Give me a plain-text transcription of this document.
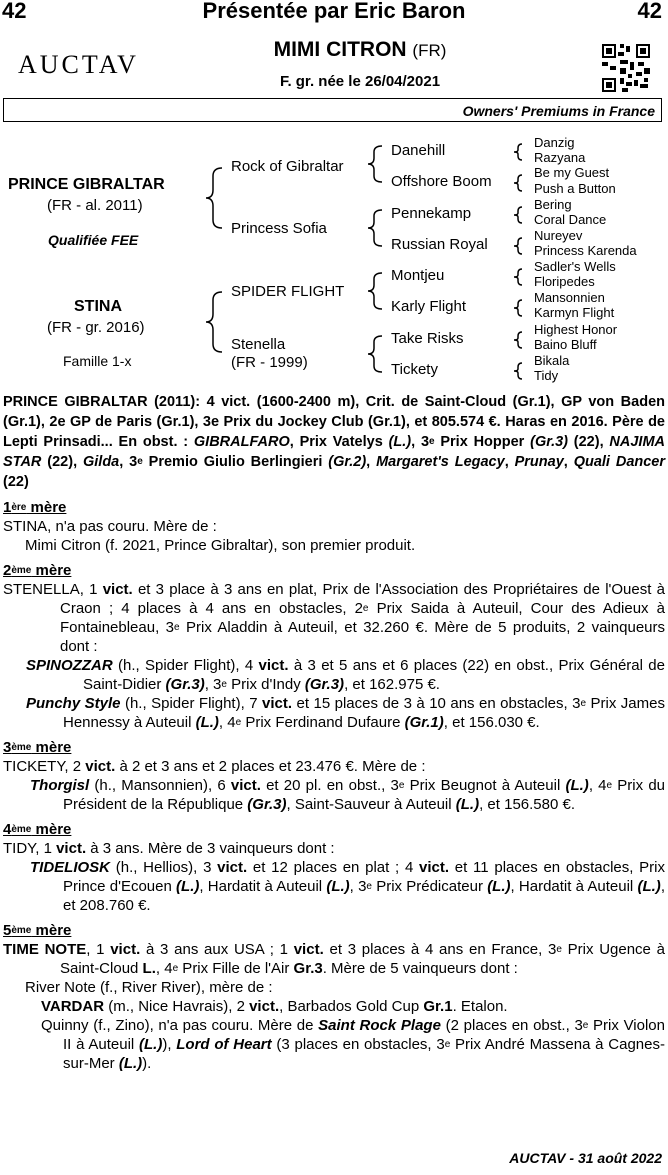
42	Présentée par Eric Baron	42
AUCTAV
MIMI CITRON (FR)
F. gr. née le 26/04/2021
Owners' Premiums in France
PRINCE GIBRALTAR
(FR - al. 2011)
Qualifiée FEE
STINA
(FR - gr. 2016)
Famille 1-x
Rock of Gibraltar
Princess Sofia
SPIDER FLIGHT
Stenella
(FR - 1999)
Danehill
Offshore Boom
Pennekamp
Russian Royal
Montjeu
Karly Flight
Take Risks
Tickety
Danzig
Razyana
Be my Guest
Push a Button
Bering
Coral Dance
Nureyev
Princess Karenda
Sadler's Wells
Floripedes
Mansonnien
Karmyn Flight
Highest Honor
Baino Bluff
Bikala
Tidy

PRINCE GIBRALTAR (2011): 4 vict. (1600-2400 m), Crit. de Saint-Cloud (Gr.1), GP von Baden (Gr.1), 2e GP de Paris (Gr.1), 3e Prix du Jockey Club (Gr.1), et 805.574 €. Haras en 2016. Père de Lepti Prinsadi... En obst. : GIBRALFARO, Prix Vatelys (L.), 3e Prix Hopper (Gr.3) (22), NAJIMA STAR (22), Gilda, 3e Premio Giulio Berlingieri (Gr.2), Margaret's Legacy, Prunay, Quali Dancer (22)

1ère mère

STINA, n'a pas couru. Mère de :

Mimi Citron (f. 2021, Prince Gibraltar), son premier produit.

2ème mère

STENELLA, 1 vict. et 3 place à 3 ans en plat, Prix de l'Association des Propriétaires de l'Ouest à Craon ; 4 places à 4 ans en obstacles, 2e Prix Saida à Auteuil, Cour des Adieux à Fontainebleau, 3e Prix Aladdin à Auteuil, et 32.260 €. Mère de 5 produits, 2 vainqueurs dont :

SPINOZZAR (h., Spider Flight), 4 vict. à 3 et 5 ans et 6 places (22) en obst., Prix Général de Saint-Didier (Gr.3), 3e Prix d'Indy (Gr.3), et 162.975 €.

Punchy Style (h., Spider Flight), 7 vict. et 15 places de 3 à 10 ans en obstacles, 3e Prix James Hennessy à Auteuil (L.), 4e Prix Ferdinand Dufaure (Gr.1), et 156.030 €.

3ème mère

TICKETY, 2 vict. à 2 et 3 ans et 2 places et 23.476 €. Mère de :

Thorgisl (h., Mansonnien), 6 vict. et 20 pl. en obst., 3e Prix Beugnot à Auteuil (L.), 4e Prix du Président de la République (Gr.3), Saint-Sauveur à Auteuil (L.), et 156.580 €.

4ème mère

TIDY, 1 vict. à 3 ans. Mère de 3 vainqueurs dont :

TIDELIOSK (h., Hellios), 3 vict. et 12 places en plat ; 4 vict. et 11 places en obstacles, Prix Prince d'Ecouen (L.), Hardatit à Auteuil (L.), 3e Prix Prédicateur (L.), Hardatit à Auteuil (L.), et 208.760 €.

5ème mère

TIME NOTE, 1 vict. à 3 ans aux USA ; 1 vict. et 3 places à 4 ans en France, 3e Prix Ugence à Saint-Cloud L., 4e Prix Fille de l'Air Gr.3. Mère de 5 vainqueurs dont :

River Note (f., River River), mère de :

VARDAR (m., Nice Havrais), 2 vict., Barbados Gold Cup Gr.1. Etalon.

Quinny (f., Zino), n'a pas couru. Mère de Saint Rock Plage (2 places en obst., 3e Prix Violon II à Auteuil (L.)), Lord of Heart (3 places en obstacles, 3e Prix André Massena à Cagnes-sur-Mer (L.)).

AUCTAV - 31 août 2022
